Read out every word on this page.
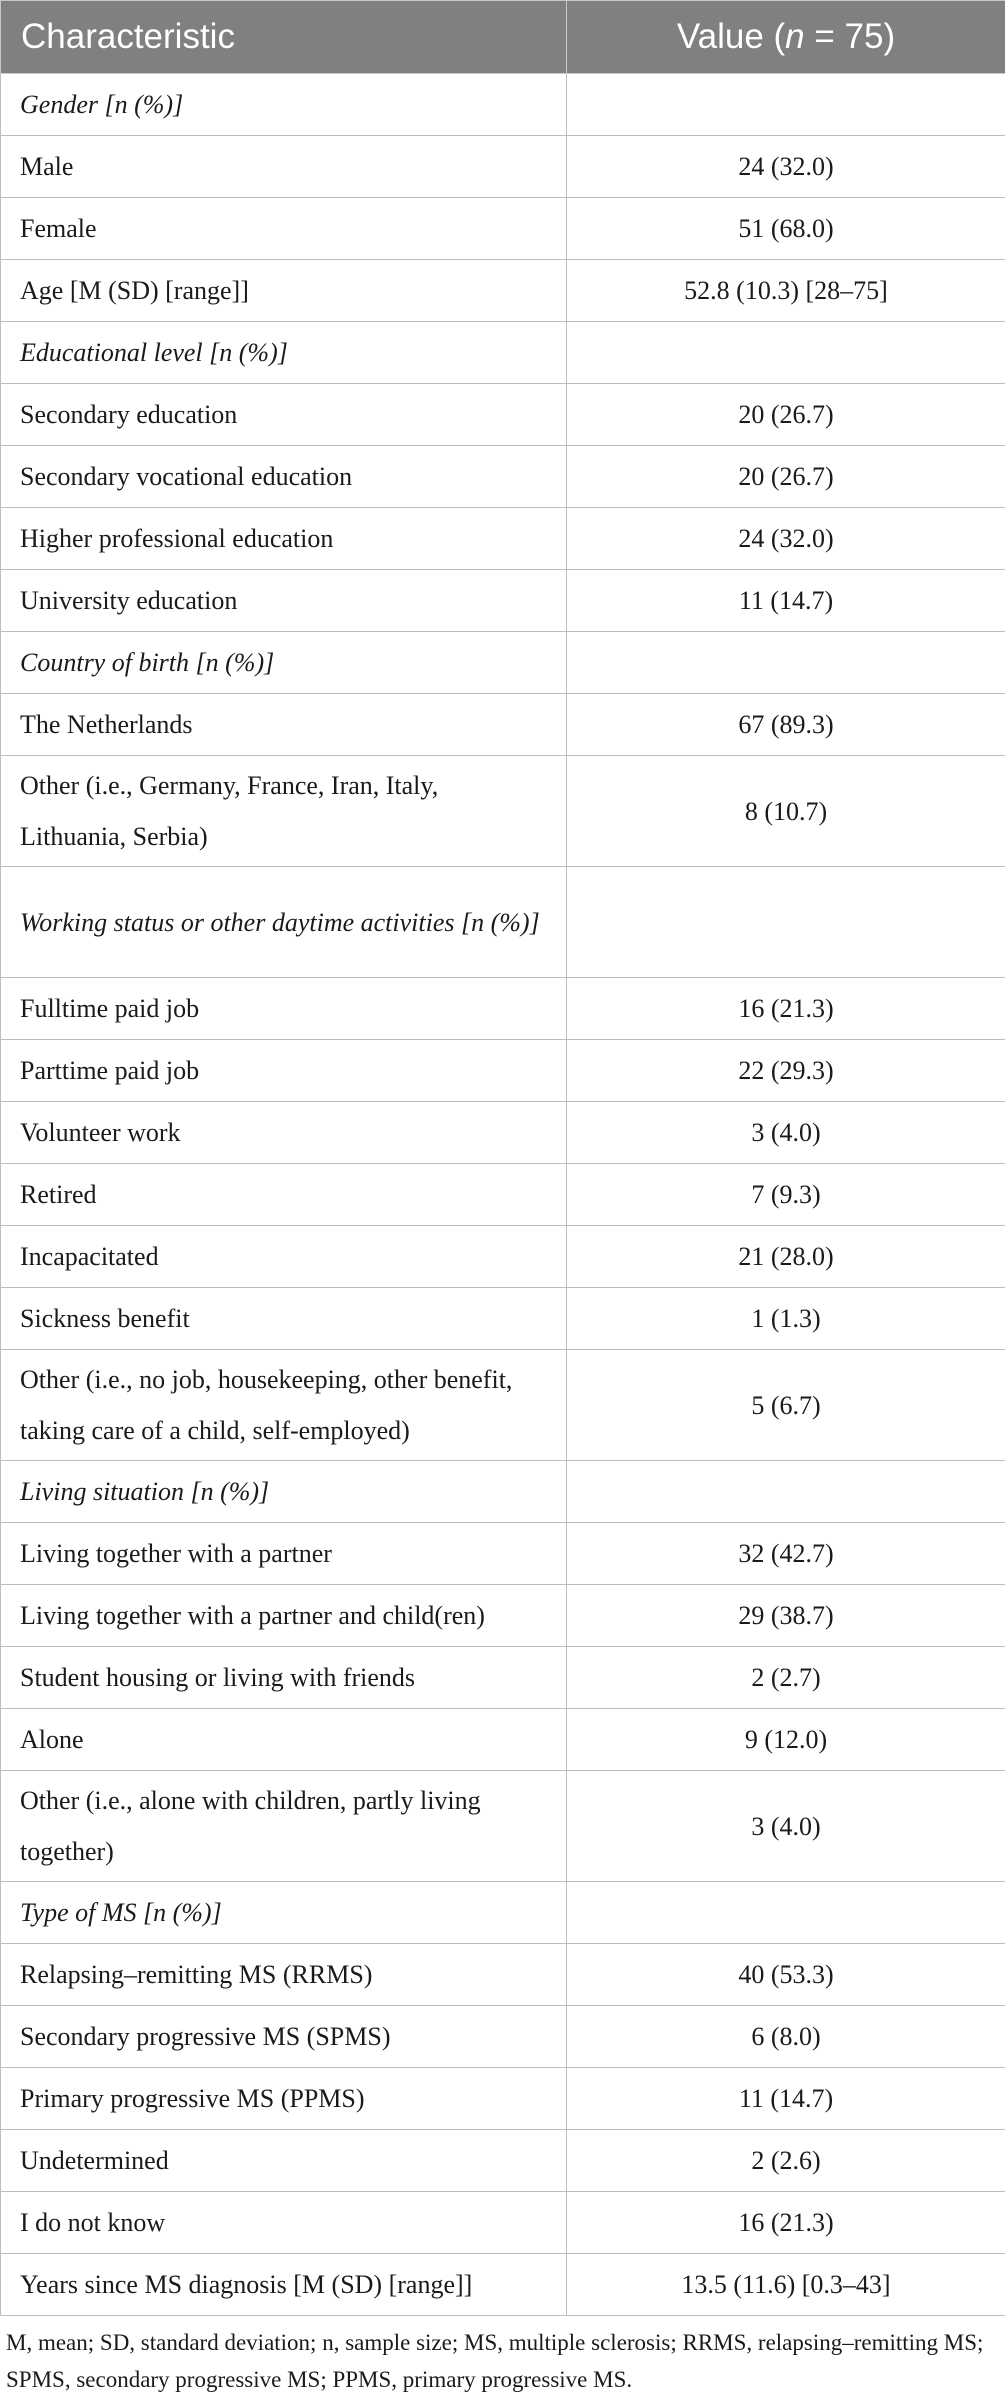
Characteristic	Value (n = 75)
Gender [n (%)]	
Male	24 (32.0)
Female	51 (68.0)
Age [M (SD) [range]]	52.8 (10.3) [28–75]
Educational level [n (%)]	
Secondary education	20 (26.7)
Secondary vocational education	20 (26.7)
Higher professional education	24 (32.0)
University education	11 (14.7)
Country of birth [n (%)]	
The Netherlands	67 (89.3)
Other (i.e., Germany, France, Iran, Italy, Lithuania, Serbia)	8 (10.7)
Working status or other daytime activities [n (%)]	
Fulltime paid job	16 (21.3)
Parttime paid job	22 (29.3)
Volunteer work	3 (4.0)
Retired	7 (9.3)
Incapacitated	21 (28.0)
Sickness benefit	1 (1.3)
Other (i.e., no job, housekeeping, other benefit, taking care of a child, self-employed)	5 (6.7)
Living situation [n (%)]	
Living together with a partner	32 (42.7)
Living together with a partner and child(ren)	29 (38.7)
Student housing or living with friends	2 (2.7)
Alone	9 (12.0)
Other (i.e., alone with children, partly living together)	3 (4.0)
Type of MS [n (%)]	
Relapsing–remitting MS (RRMS)	40 (53.3)
Secondary progressive MS (SPMS)	6 (8.0)
Primary progressive MS (PPMS)	11 (14.7)
Undetermined	2 (2.6)
I do not know	16 (21.3)
Years since MS diagnosis [M (SD) [range]]	13.5 (11.6) [0.3–43]
M, mean; SD, standard deviation; n, sample size; MS, multiple sclerosis; RRMS, relapsing–remitting MS; SPMS, secondary progressive MS; PPMS, primary progressive MS.
